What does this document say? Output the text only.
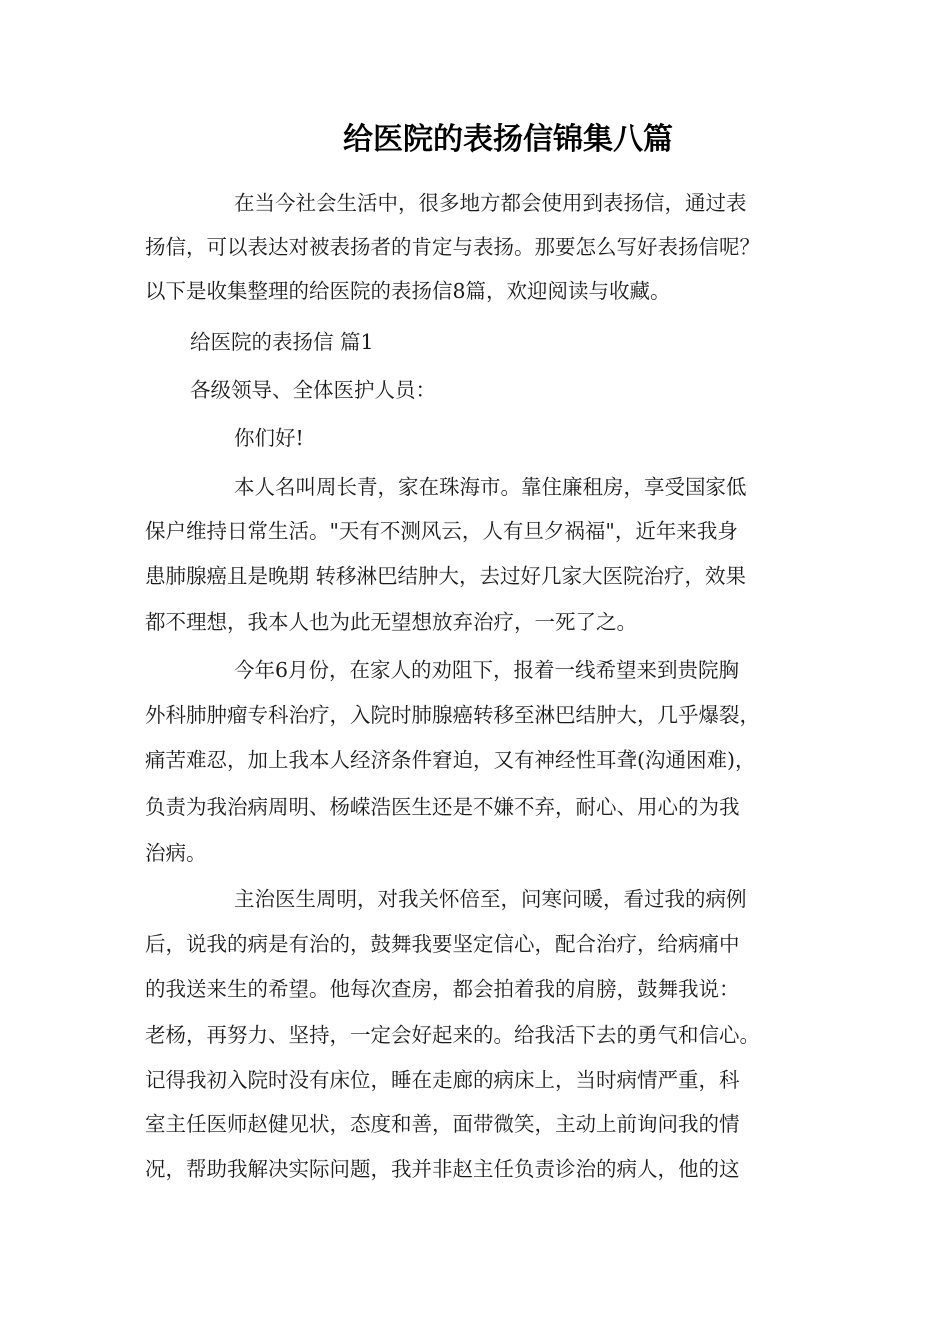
给医院的表扬信锦集八篇
在当今社会生活中，很多地方都会使用到表扬信，通过表
扬信，可以表达对被表扬者的肯定与表扬。那要怎么写好表扬信呢？
以下是收集整理的给医院的表扬信8篇，欢迎阅读与收藏。
给医院的表扬信 篇1
各级领导、全体医护人员：
你们好!
本人名叫周长青，家在珠海市。靠住廉租房，享受国家低
保户维持日常生活。"天有不测风云，人有旦夕祸福"，近年来我身
患肺腺癌且是晚期 转移淋巴结肿大，去过好几家大医院治疗，效果
都不理想，我本人也为此无望想放弃治疗，一死了之。
今年6月份，在家人的劝阻下，报着一线希望来到贵院胸
外科肺肿瘤专科治疗，入院时肺腺癌转移至淋巴结肿大，几乎爆裂，
痛苦难忍，加上我本人经济条件窘迫，又有神经性耳聋(沟通困难)，
负责为我治病周明、杨嵘浩医生还是不嫌不弃，耐心、用心的为我
治病。
主治医生周明，对我关怀倍至，问寒问暖，看过我的病例
后，说我的病是有治的，鼓舞我要坚定信心，配合治疗，给病痛中
的我送来生的希望。他每次查房，都会拍着我的肩膀，鼓舞我说：
老杨，再努力、坚持，一定会好起来的。给我活下去的勇气和信心。
记得我初入院时没有床位，睡在走廊的病床上，当时病情严重，科
室主任医师赵健见状，态度和善，面带微笑，主动上前询问我的情
况，帮助我解决实际问题，我并非赵主任负责诊治的病人，他的这
